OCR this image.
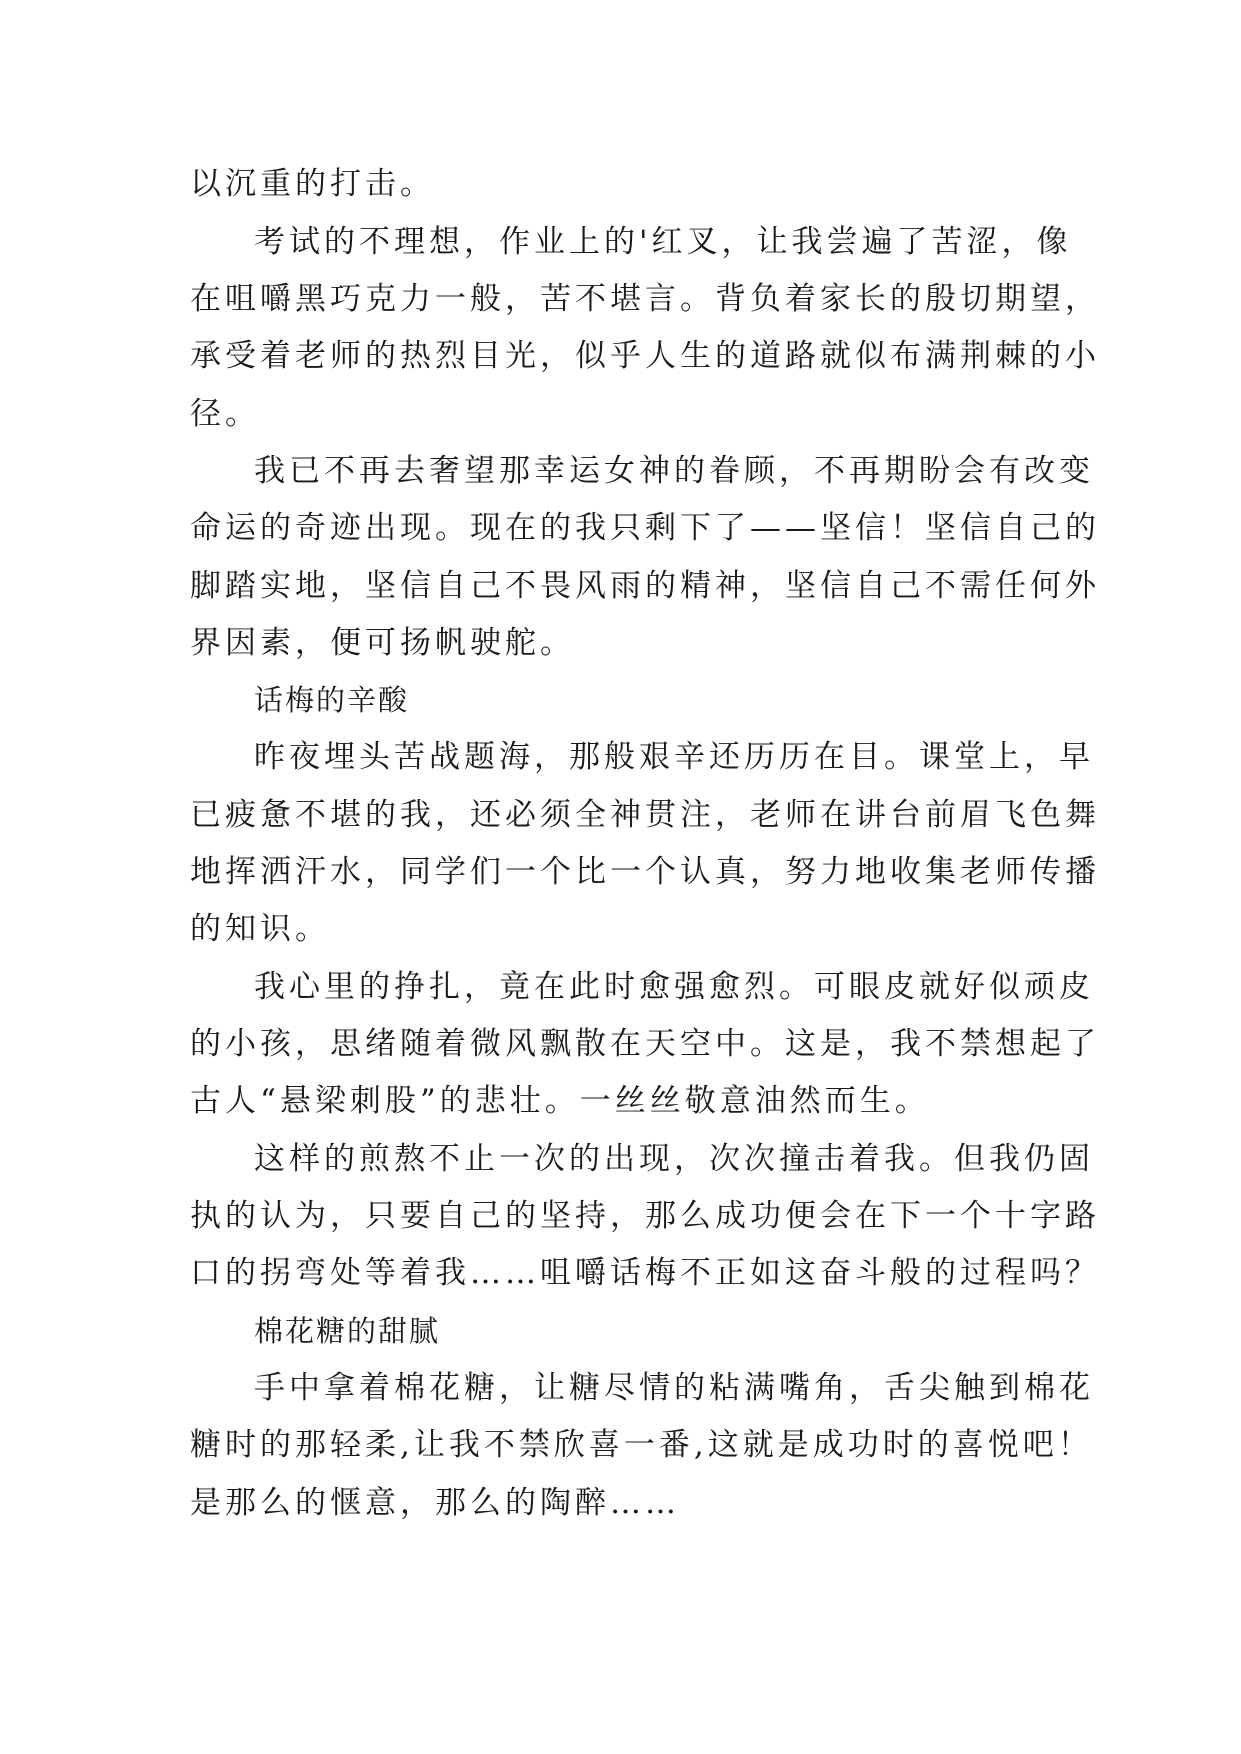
以沉重的打击。
考试的不理想，作业上的'红叉，让我尝遍了苦涩，像
在咀嚼黑巧克力一般，苦不堪言。背负着家长的殷切期望，
承受着老师的热烈目光，似乎人生的道路就似布满荆棘的小
径。
我已不再去奢望那幸运女神的眷顾，不再期盼会有改变
命运的奇迹出现。现在的我只剩下了——坚信！坚信自己的
脚踏实地，坚信自己不畏风雨的精神，坚信自己不需任何外
界因素，便可扬帆驶舵。
话梅的辛酸
昨夜埋头苦战题海，那般艰辛还历历在目。课堂上，早
已疲惫不堪的我，还必须全神贯注，老师在讲台前眉飞色舞
地挥洒汗水，同学们一个比一个认真，努力地收集老师传播
的知识。
我心里的挣扎，竟在此时愈强愈烈。可眼皮就好似顽皮
的小孩，思绪随着微风飘散在天空中。这是，我不禁想起了
古人“悬梁刺股”的悲壮。一丝丝敬意油然而生。
这样的煎熬不止一次的出现，次次撞击着我。但我仍固
执的认为，只要自己的坚持，那么成功便会在下一个十字路
口的拐弯处等着我……咀嚼话梅不正如这奋斗般的过程吗？
棉花糖的甜腻
手中拿着棉花糖，让糖尽情的粘满嘴角，舌尖触到棉花
糖时的那轻柔,让我不禁欣喜一番,这就是成功时的喜悦吧！
是那么的惬意，那么的陶醉……
